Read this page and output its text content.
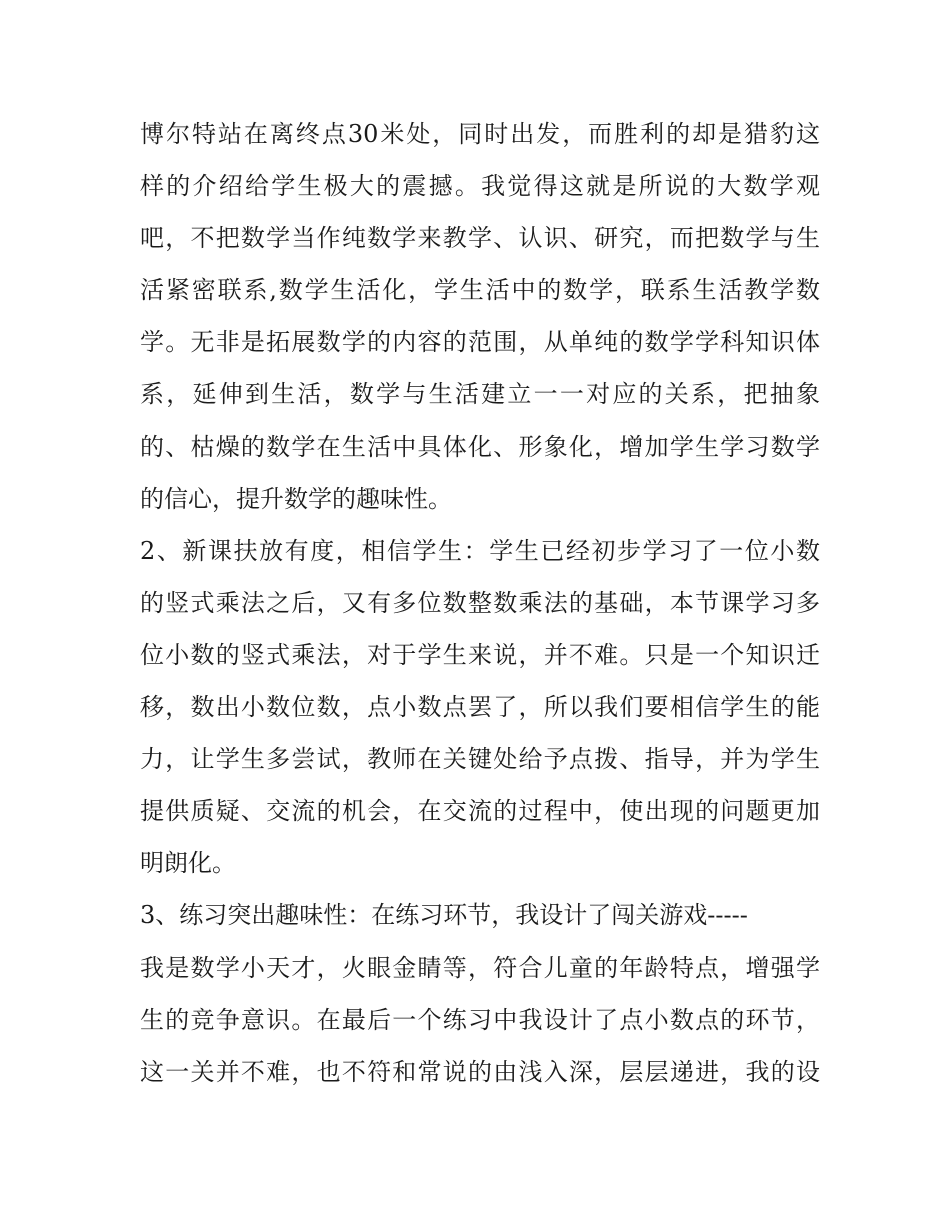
博尔特站在离终点30米处，同时出发，而胜利的却是猎豹这
样的介绍给学生极大的震撼。我觉得这就是所说的大数学观
吧，不把数学当作纯数学来教学、认识、研究，而把数学与生
活紧密联系,数学生活化，学生活中的数学，联系生活教学数
学。无非是拓展数学的内容的范围，从单纯的数学学科知识体
系，延伸到生活，数学与生活建立一一对应的关系，把抽象
的、枯燥的数学在生活中具体化、形象化，增加学生学习数学
的信心，提升数学的趣味性。
2、新课扶放有度，相信学生：学生已经初步学习了一位小数
的竖式乘法之后，又有多位数整数乘法的基础，本节课学习多
位小数的竖式乘法，对于学生来说，并不难。只是一个知识迁
移，数出小数位数，点小数点罢了，所以我们要相信学生的能
力，让学生多尝试，教师在关键处给予点拨、指导，并为学生
提供质疑、交流的机会，在交流的过程中，使出现的问题更加
明朗化。
3、练习突出趣味性：在练习环节，我设计了闯关游戏-----
我是数学小天才，火眼金睛等，符合儿童的年龄特点，增强学
生的竞争意识。在最后一个练习中我设计了点小数点的环节，
这一关并不难，也不符和常说的由浅入深，层层递进，我的设
